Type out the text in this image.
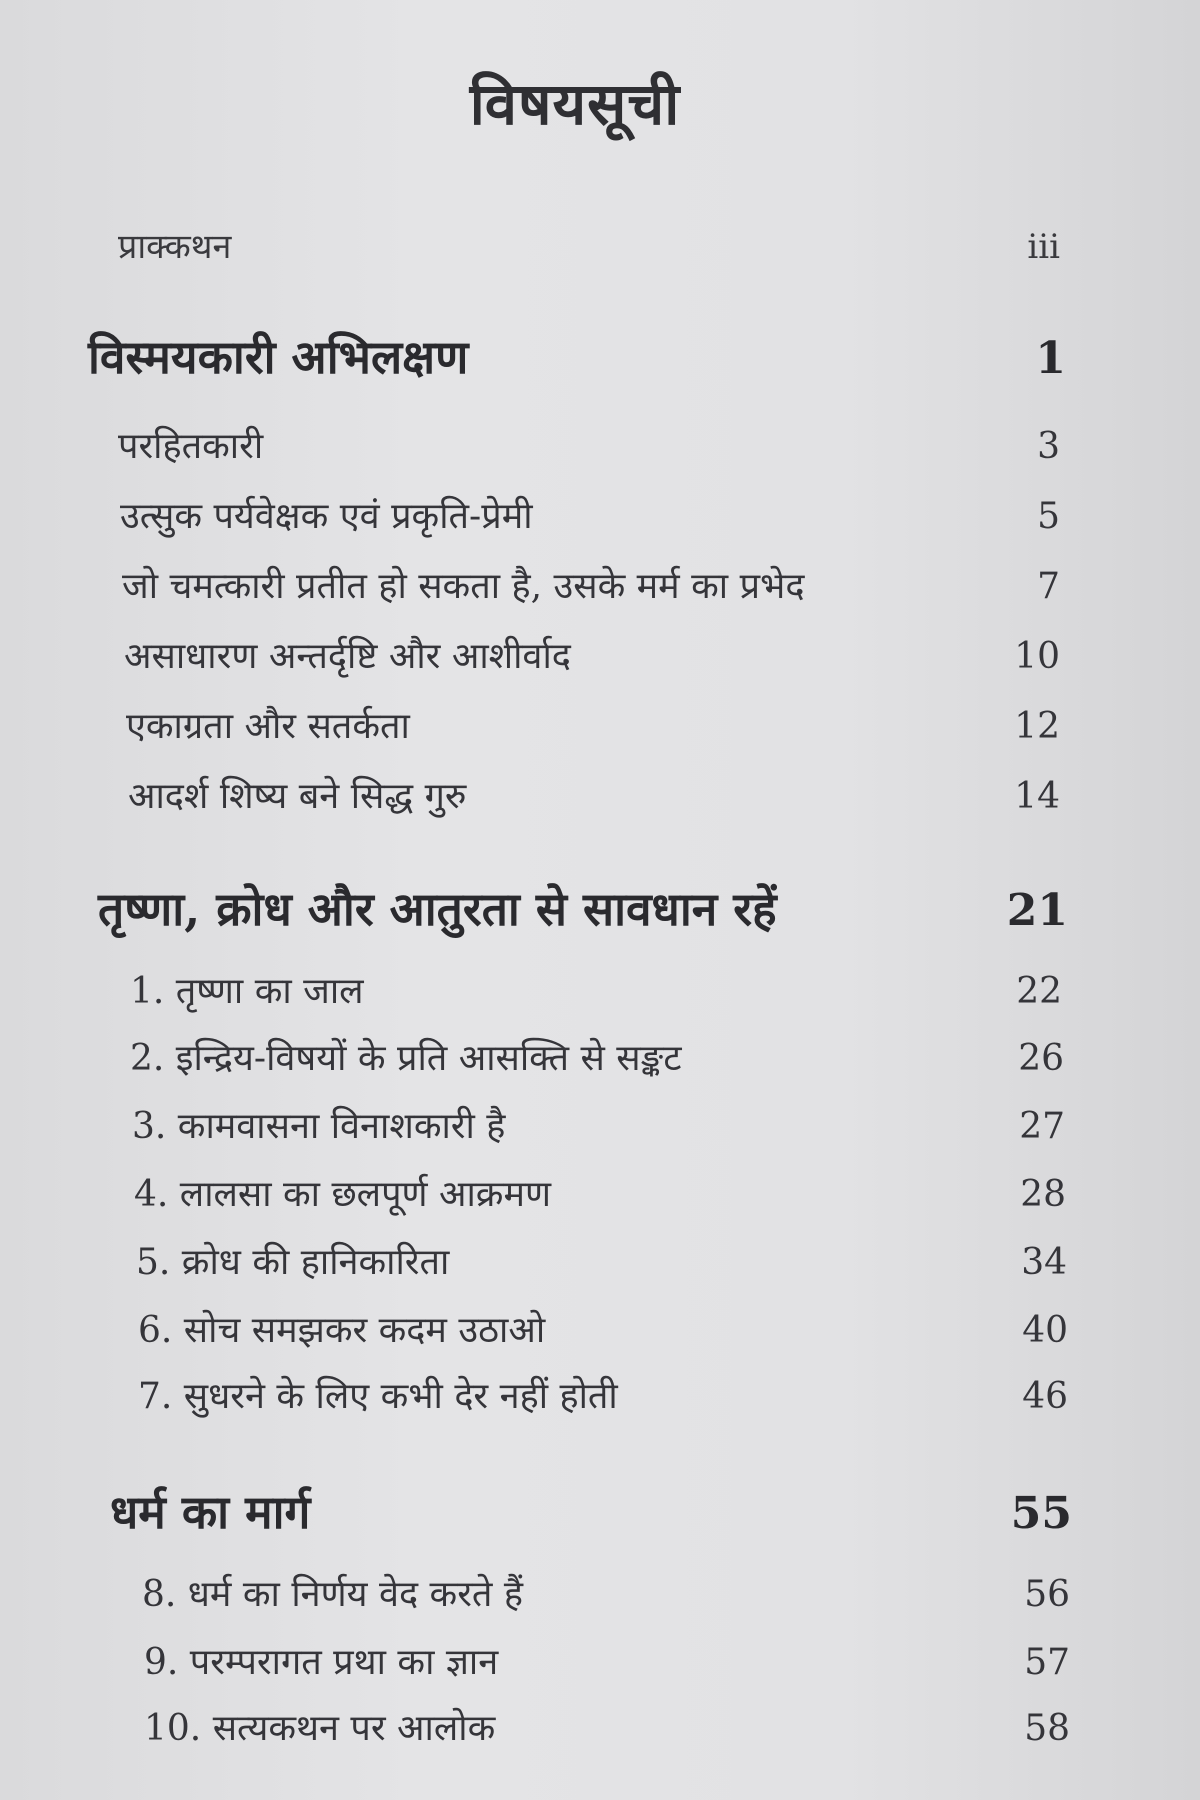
विषयसूची
प्राक्कथन	iii
विस्मयकारी अभिलक्षण	1
परहितकारी	3
उत्सुक पर्यवेक्षक एवं प्रकृति-प्रेमी	5
जो चमत्कारी प्रतीत हो सकता है, उसके मर्म का प्रभेद	7
असाधारण अन्तर्दृष्टि और आशीर्वाद	10
एकाग्रता और सतर्कता	12
आदर्श शिष्य बने सिद्ध गुरु	14
तृष्णा, क्रोध और आतुरता से सावधान रहें	21
1. तृष्णा का जाल	22
2. इन्द्रिय-विषयों के प्रति आसक्ति से सङ्कट	26
3. कामवासना विनाशकारी है	27
4. लालसा का छलपूर्ण आक्रमण	28
5. क्रोध की हानिकारिता	34
6. सोच समझकर कदम उठाओ	40
7. सुधरने के लिए कभी देर नहीं होती	46
धर्म का मार्ग	55
8. धर्म का निर्णय वेद करते हैं	56
9. परम्परागत प्रथा का ज्ञान	57
10. सत्यकथन पर आलोक	58
